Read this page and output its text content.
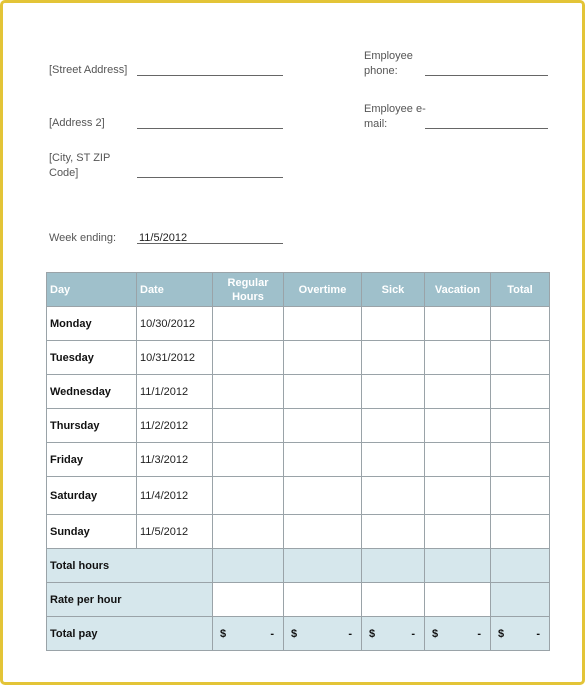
[Street Address]
[Address 2]
[City, ST ZIP
Code]
Employee
phone:
Employee e-
mail:
Week ending: 11/5/2012
Day	Date	Regular Hours	Overtime	Sick	Vacation	Total
Monday	10/30/2012					
Tuesday	10/31/2012					
Wednesday	11/1/2012					
Thursday	11/2/2012					
Friday	11/3/2012					
Saturday	11/4/2012					
Sunday	11/5/2012					
Total hours						
Rate per hour						
Total pay		$ -	$ -	$ -	$ -	$ -
